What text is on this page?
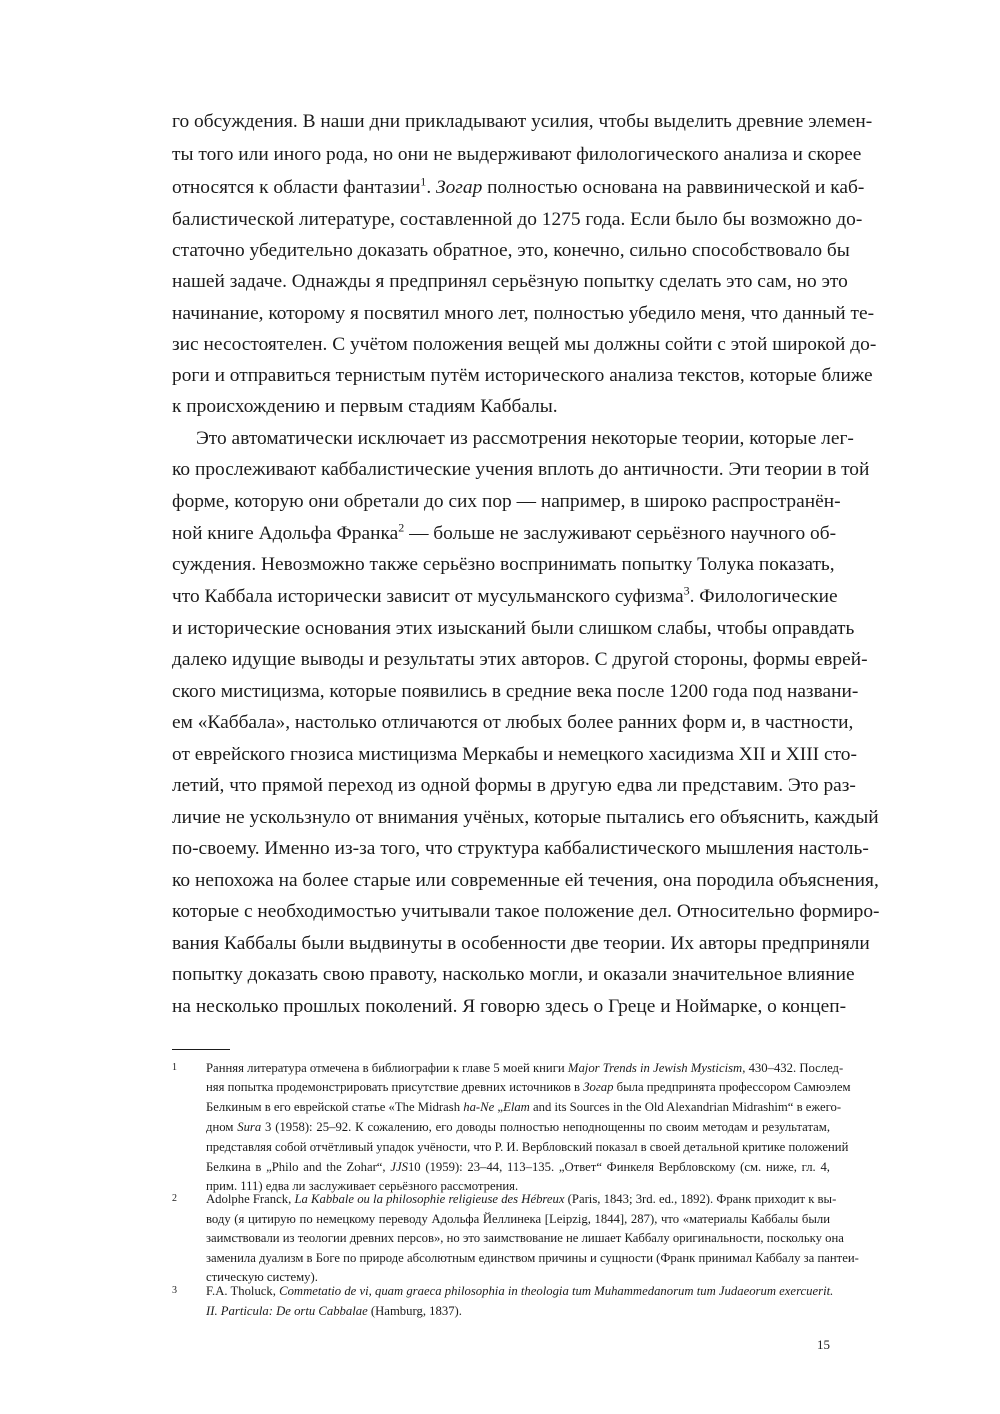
го обсуждения. В наши дни прикладывают усилия, чтобы выделить древние элемен-
ты того или иного рода, но они не выдерживают филологического анализа и скорее
относятся к области фантазии$^1$. Зогар полностью основана на раввинической и каб-
балистической литературе, составленной до 1275 года. Если было бы возможно до-
статочно убедительно доказать обратное, это, конечно, сильно способствовало бы
нашей задаче. Однажды я предпринял серьёзную попытку сделать это сам, но это
начинание, которому я посвятил много лет, полностью убедило меня, что данный те-
зис несостоятелен. С учётом положения вещей мы должны сойти с этой широкой до-
роги и отправиться тернистым путём исторического анализа текстов, которые ближе
к происхождению и первым стадиям Каббалы.
Это автоматически исключает из рассмотрения некоторые теории, которые лег-
ко прослеживают каббалистические учения вплоть до античности. Эти теории в той
форме, которую они обретали до сих пор — например, в широко распространён-
ной книге Адольфа Франка$^2$ — больше не заслуживают серьёзного научного об-
суждения. Невозможно также серьёзно воспринимать попытку Толука показать,
что Каббала исторически зависит от мусульманского суфизма$^3$. Филологические
и исторические основания этих изысканий были слишком слабы, чтобы оправдать
далеко идущие выводы и результаты этих авторов. С другой стороны, формы еврей-
ского мистицизма, которые появились в средние века после 1200 года под названи-
ем «Каббала», настолько отличаются от любых более ранних форм и, в частности,
от еврейского гнозиса мистицизма Меркабы и немецкого хасидизма XII и XIII сто-
летий, что прямой переход из одной формы в другую едва ли представим. Это раз-
личие не ускользнуло от внимания учёных, которые пытались его объяснить, каждый
по-своему. Именно из-за того, что структура каббалистического мышления настоль-
ко непохожа на более старые или современные ей течения, она породила объяснения,
которые с необходимостью учитывали такое положение дел. Относительно формиро-
вания Каббалы были выдвинуты в особенности две теории. Их авторы предприняли
попытку доказать свою правоту, насколько могли, и оказали значительное влияние
на несколько прошлых поколений. Я говорю здесь о Греце и Ноймарке, о концеп-
1 Ранняя литература отмечена в библиографии к главе 5 моей книги Major Trends in Jewish Mysticism, 430–432. Послед-
няя попытка продемонстрировать присутствие древних источников в Зогар была предпринята профессором Самюэлем
Белкиным в его еврейской статье «The Midrash ha-Ne „Elam and its Sources in the Old Alexandrian Midrashim“ в ежего-
дном Sura 3 (1958): 25–92. К сожалению, его доводы полностью неподнощенны по своим методам и результатам,
представляя собой отчётливый упадок учёности, что Р. И. Вербловский показал в своей детальной критике положений
Белкина в „Philo and the Zohar“, JJS10 (1959): 23–44, 113–135. „Ответ“ Финкеля Вербловскому (см. ниже, гл. 4,
прим. 111) едва ли заслуживает серьёзного рассмотрения.
2 Adolphe Franck, La Kabbale ou la philosophie religieuse des Hébreux (Paris, 1843; 3rd. ed., 1892). Франк приходит к вы-
воду (я цитирую по немецкому переводу Адольфа Йеллинека [Leipzig, 1844], 287), что «материалы Каббалы были
заимствовали из теологии древних персов», но это заимствование не лишает Каббалу оригинальности, поскольку она
заменила дуализм в Боге по природе абсолютным единством причины и сущности (Франк принимал Каббалу за пантеи-
стическую систему).
3 F.A. Tholuck, Commetatio de vi, quam graeca philosophia in theologia tum Muhammedanorum tum Judaeorum exercuerit.
II. Particula: De ortu Cabbalae (Hamburg, 1837).
15
